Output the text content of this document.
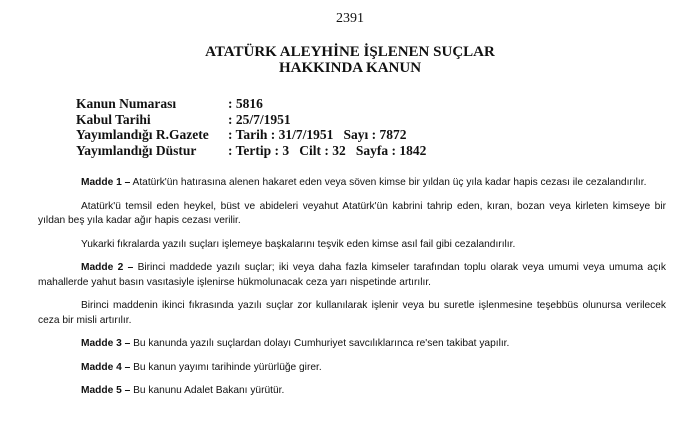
2391
ATATÜRK ALEYHİNE İŞLENEN SUÇLAR
HAKKINDA KANUN
Kanun Numarası	: 5816
Kabul Tarihi	: 25/7/1951
Yayımlandığı R.Gazete	: Tarih : 31/7/1951   Sayı : 7872
Yayımlandığı Düstur	: Tertip : 3   Cilt : 32   Sayfa : 1842

Madde 1 – Atatürk'ün hatırasına alenen hakaret eden veya söven kimse bir yıldan üç yıla kadar hapis cezası ile cezalandırılır.

Atatürk'ü temsil eden heykel, büst ve abideleri veyahut Atatürk'ün kabrini tahrip eden, kıran, bozan veya kirleten kimseye bir yıldan beş yıla kadar ağır hapis cezası verilir.

Yukarki fıkralarda yazılı suçları işlemeye başkalarını teşvik eden kimse asıl fail gibi cezalandırılır.

Madde 2 – Birinci maddede yazılı suçlar; iki veya daha fazla kimseler tarafından toplu olarak veya umumi veya umuma açık mahallerde yahut basın vasıtasiyle işlenirse hükmolunacak ceza yarı nispetinde artırılır.

Birinci maddenin ikinci fıkrasında yazılı suçlar zor kullanılarak işlenir veya bu suretle işlenmesine teşebbüs olunursa verilecek ceza bir misli artırılır.

Madde 3 – Bu kanunda yazılı suçlardan dolayı Cumhuriyet savcılıklarınca re'sen takibat yapılır.

Madde 4 – Bu kanun yayımı tarihinde yürürlüğe girer.

Madde 5 – Bu kanunu Adalet Bakanı yürütür.
